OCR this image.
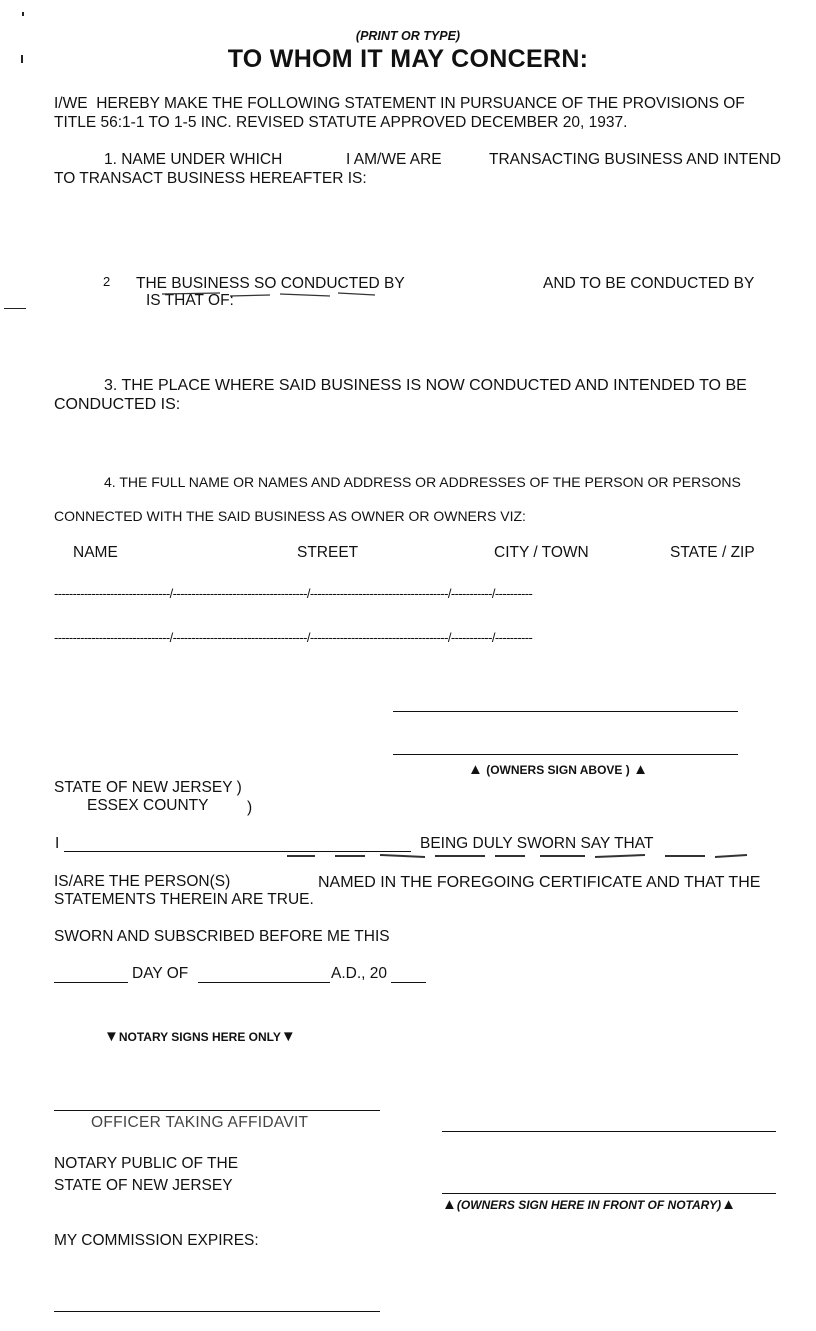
(PRINT OR TYPE)
TO WHOM IT MAY CONCERN:
I/WE HEREBY MAKE THE FOLLOWING STATEMENT IN PURSUANCE OF THE PROVISIONS OF
TITLE 56:1-1 TO 1-5 INC. REVISED STATUTE APPROVED DECEMBER 20, 1937.
1. NAME UNDER WHICH	I AM/WE ARE	TRANSACTING BUSINESS AND INTEND
TO TRANSACT BUSINESS HEREAFTER IS:
2 THE BUSINESS SO CONDUCTED BY	AND TO BE CONDUCTED BY
IS THAT OF:
3. THE PLACE WHERE SAID BUSINESS IS NOW CONDUCTED AND INTENDED TO BE
CONDUCTED IS:
4. THE FULL NAME OR NAMES AND ADDRESS OR ADDRESSES OF THE PERSON OR PERSONS
CONNECTED WITH THE SAID BUSINESS AS OWNER OR OWNERS VIZ:
NAME	STREET	CITY / TOWN	STATE / ZIP
-------------------------------/------------------------------------/-------------------------------------/-----------/----------
-------------------------------/------------------------------------/-------------------------------------/-----------/----------
▲ (OWNERS SIGN ABOVE ) ▲
STATE OF NEW JERSEY )
ESSEX COUNTY )
I	BEING DULY SWORN SAY THAT
IS/ARE THE PERSON(S)	NAMED IN THE FOREGOING CERTIFICATE AND THAT THE
STATEMENTS THEREIN ARE TRUE.
SWORN AND SUBSCRIBED BEFORE ME THIS
DAY OF	A.D., 20
▼NOTARY SIGNS HERE ONLY▼
OFFICER TAKING AFFIDAVIT
NOTARY PUBLIC OF THE
STATE OF NEW JERSEY
▲(OWNERS SIGN HERE IN FRONT OF NOTARY)▲
MY COMMISSION EXPIRES:
